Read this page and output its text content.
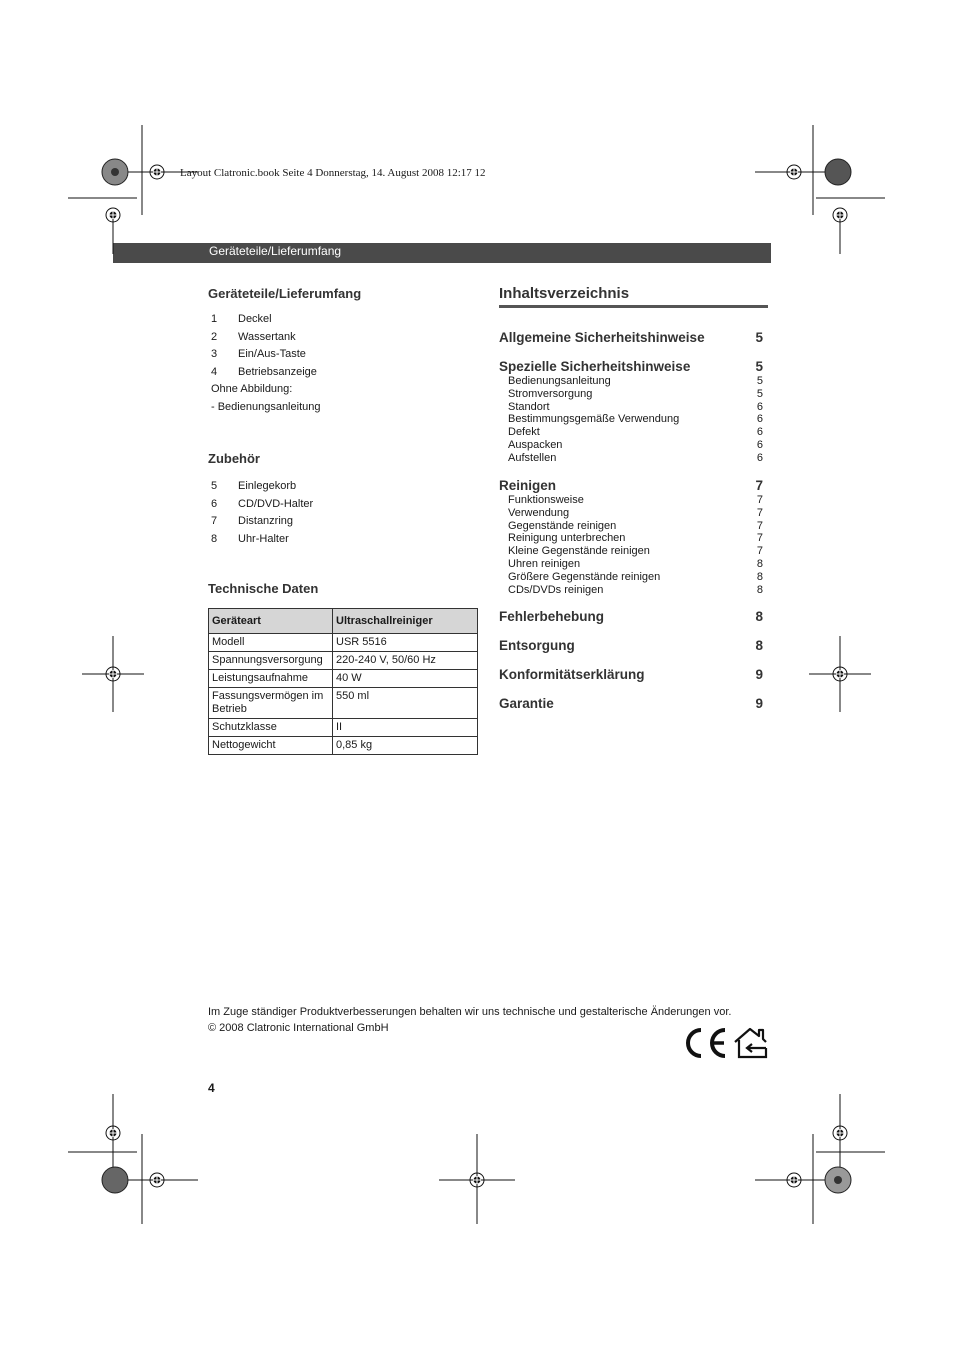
Layout Clatronic.book Seite 4 Donnerstag, 14. August 2008 12:17 12
Geräteteile/Lieferumfang
Geräteteile/Lieferumfang
1 Deckel
2 Wassertank
3 Ein/Aus-Taste
4 Betriebsanzeige
Ohne Abbildung:
- Bedienungsanleitung
Zubehör
5 Einlegekorb
6 CD/DVD-Halter
7 Distanzring
8 Uhr-Halter
Technische Daten
Geräteart	Ultraschallreiniger
Modell	USR 5516
Spannungsversorgung	220-240 V, 50/60 Hz
Leistungsaufnahme	40 W
Fassungsvermögen im Betrieb	550 ml
Schutzklasse	II
Nettogewicht	0,85 kg
Inhaltsverzeichnis
Allgemeine Sicherheitshinweise	5
Spezielle Sicherheitshinweise	5
Bedienungsanleitung	5
Stromversorgung	5
Standort	6
Bestimmungsgemäße Verwendung	6
Defekt	6
Auspacken	6
Aufstellen	6
Reinigen	7
Funktionsweise	7
Verwendung	7
Gegenstände reinigen	7
Reinigung unterbrechen	7
Kleine Gegenstände reinigen	7
Uhren reinigen	8
Größere Gegenstände reinigen	8
CDs/DVDs reinigen	8
Fehlerbehebung	8
Entsorgung	8
Konformitätserklärung	9
Garantie	9
Im Zuge ständiger Produktverbesserungen behalten wir uns technische und gestalterische Änderungen vor.
© 2008 Clatronic International GmbH
4
